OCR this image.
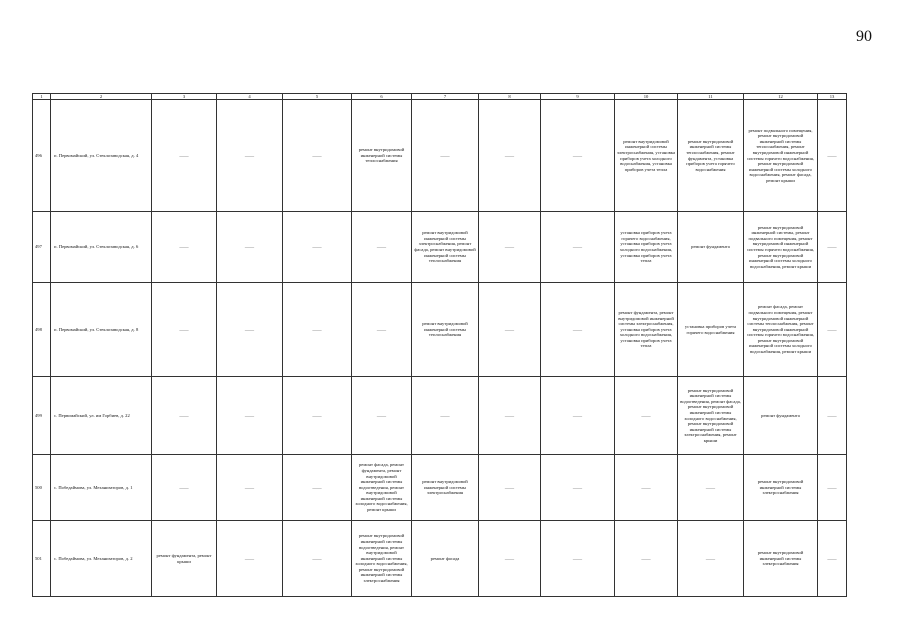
90
1	2	3	4	5	6	7	8	9	10	11	12	13
496	п. Первомайский, ул. Стеклозаводская, д. 4	——	——	——	ремонт внутридомовой инженерной системы теплоснабжения	——	——	——	ремонт внутридомовой инженерной системы электроснабжения, установка приборов учета холодного водоснабжения, установка приборов учета тепла	ремонт внутридомовой инженерной системы теплоснабжения, ремонт фундамента, установка приборов учета горячего водоснабжения	ремонт подвального помещения, ремонт внутридомовой инженерной системы теплоснабжения, ремонт внутридомовой инженерной системы горячего водоснабжения, ремонт внутридомовой инженерной системы холодного водоснабжения, ремонт фасада, ремонт крыши	——
497	п. Первомайский, ул. Стеклозаводская, д. 6	——	——	——	——	ремонт внутридомовой инженерной системы электроснабжения, ремонт фасада, ремонт внутридомовой инженерной системы теплоснабжения	——	——	установка приборов учета горячего водоснабжения, установка приборов учета холодного водоснабжения, установка приборов учета тепла	ремонт фундамента	ремонт внутридомовой инженерной системы, ремонт подвального помещения, ремонт внутридомовой инженерной системы горячего водоснабжения, ремонт внутридомовой инженерной системы холодного водоснабжения, ремонт крыши	——
498	п. Первомайский, ул. Стеклозаводская, д. 8	——	——	——	——	ремонт внутридомовой инженерной системы теплоснабжения	——	——	ремонт фундамента, ремонт внутридомовой инженерной системы электроснабжения, установка приборов учета холодного водоснабжения, установка приборов учета тепла	установка приборов учета горячего водоснабжения	ремонт фасада, ремонт подвального помещения, ремонт внутридомовой инженерной системы теплоснабжения, ремонт внутридомовой инженерной системы горячего водоснабжения, ремонт внутридомовой инженерной системы холодного водоснабжения, ремонт крыши	——
499	с. Первомайский, ул. им Горбиев, д. 22	——	——	——	——	——	——	——	——	ремонт внутридомовой инженерной системы водоотведения, ремонт фасада, ремонт внутридомовой инженерной системы холодного водоснабжения, ремонт внутридомовой инженерной системы электроснабжения, ремонт крыши	ремонт фундамента	——
500	с. Победаймова, ул. Механизаторов, д. 1	——	——	——	ремонт фасада, ремонт фундамента, ремонт внутридомовой инженерной системы водоотведения, ремонт внутридомовой инженерной системы холодного водоснабжения, ремонт крыши	ремонт внутридомовой инженерной системы электроснабжения	——	——	——	——	ремонт внутридомовой инженерной системы электроснабжения	——
501	с. Победаймова, ул. Механизаторов, д. 2	ремонт фундамента, ремонт крыши	——	——	ремонт внутридомовой инженерной системы водоотведения, ремонт внутридомовой инженерной системы холодного водоснабжения, ремонт внутридомовой инженерной системы электроснабжения	ремонт фасада	——	——	——	——	ремонт внутридомовой инженерной системы электроснабжения	——
